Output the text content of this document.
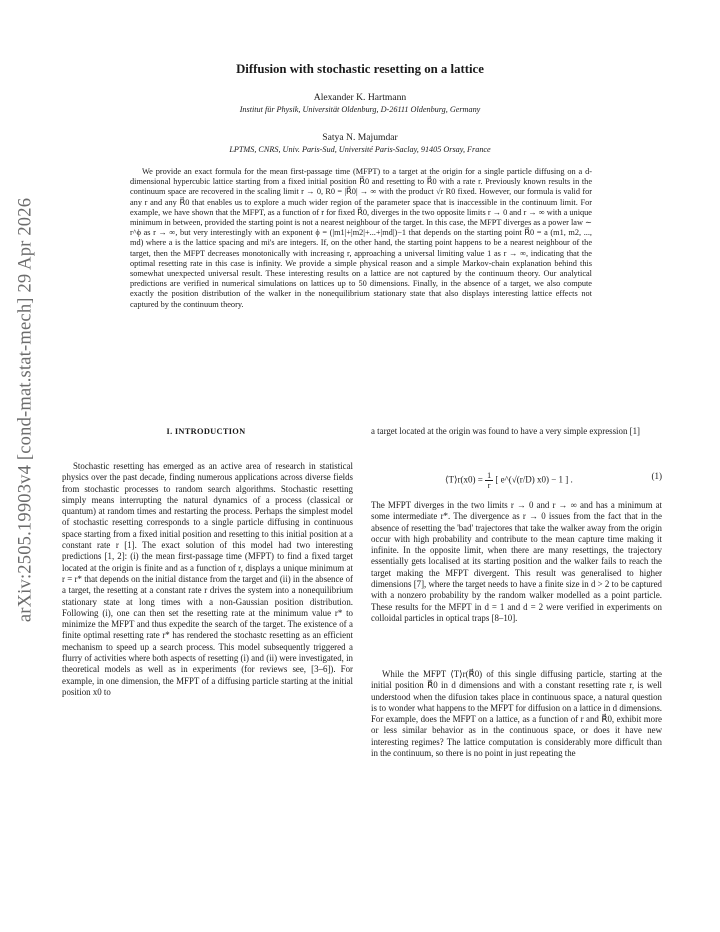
arXiv:2505.19903v4 [cond-mat.stat-mech] 29 Apr 2026
Diffusion with stochastic resetting on a lattice
Alexander K. Hartmann
Institut für Physik, Universität Oldenburg, D-26111 Oldenburg, Germany
Satya N. Majumdar
LPTMS, CNRS, Univ. Paris-Sud, Université Paris-Saclay, 91405 Orsay, France

We provide an exact formula for the mean first-passage time (MFPT) to a target at the origin for a single particle diffusing on a d-dimensional hypercubic lattice starting from a fixed initial position R⃗0 and resetting to R⃗0 with a rate r. Previously known results in the continuum space are recovered in the scaling limit r → 0, R0 = |R⃗0| → ∞ with the product √r R0 fixed. However, our formula is valid for any r and any R⃗0 that enables us to explore a much wider region of the parameter space that is inaccessible in the continuum limit. For example, we have shown that the MFPT, as a function of r for fixed R⃗0, diverges in the two opposite limits r → 0 and r → ∞ with a unique minimum in between, provided the starting point is not a nearest neighbour of the target. In this case, the MFPT diverges as a power law ∼ r^ϕ as r → ∞, but very interestingly with an exponent ϕ = (|m1|+|m2|+...+|md|)−1 that depends on the starting point R⃗0 = a (m1, m2, ..., md) where a is the lattice spacing and mi's are integers. If, on the other hand, the starting point happens to be a nearest neighbour of the target, then the MFPT decreases monotonically with increasing r, approaching a universal limiting value 1 as r → ∞, indicating that the optimal resetting rate in this case is infinity. We provide a simple physical reason and a simple Markov-chain explanation behind this somewhat unexpected universal result. These interesting results on a lattice are not captured by the continuum theory. Our analytical predictions are verified in numerical simulations on lattices up to 50 dimensions. Finally, in the absence of a target, we also compute exactly the position distribution of the walker in the nonequilibrium stationary state that also displays interesting lattice effects not captured by the continuum theory.

I. INTRODUCTION

Stochastic resetting has emerged as an active area of research in statistical physics over the past decade, finding numerous applications across diverse fields from stochastic processes to random search algorithms. Stochastic resetting simply means interrupting the natural dynamics of a process (classical or quantum) at random times and restarting the process. Perhaps the simplest model of stochastic resetting corresponds to a single particle diffusing in continuous space starting from a fixed initial position and resetting to this initial position at a constant rate r [1]. The exact solution of this model had two interesting predictions [1, 2]: (i) the mean first-passage time (MFPT) to find a fixed target located at the origin is finite and as a function of r, displays a unique minimum at r = r* that depends on the initial distance from the target and (ii) in the absence of a target, the resetting at a constant rate r drives the system into a nonequilibrium stationary state at long times with a non-Gaussian position distribution. Following (i), one can then set the resetting rate at the minimum value r* to minimize the MFPT and thus expedite the search of the target. The existence of a finite optimal resetting rate r* has rendered the stochastc resetting as an efficient mechanism to speed up a search process. This model subsequently triggered a flurry of activities where both aspects of resetting (i) and (ii) were investigated, in theoretical models as well as in experiments (for reviews see, [3–6]). For example, in one dimension, the MFPT of a diffusing particle starting at the initial position x0 to

a target located at the origin was found to have a very simple expression [1]

⟨T⟩r(x0) = $\frac{1}{r}$ [ e^(√(r/D) x0) − 1 ] .	(1)

The MFPT diverges in the two limits r → 0 and r → ∞ and has a minimum at some intermediate r*. The divergence as r → 0 issues from the fact that in the absence of resetting the 'bad' trajectores that take the walker away from the origin occur with high probability and contribute to the mean capture time making it infinite. In the opposite limit, when there are many resettings, the trajectory essentially gets localised at its starting position and the walker fails to reach the target making the MFPT divergent. This result was generalised to higher dimensions [7], where the target needs to have a finite size in d > 2 to be captured with a nonzero probability by the random walker modelled as a point particle. These results for the MFPT in d = 1 and d = 2 were verified in experiments on colloidal particles in optical traps [8–10].

While the MFPT ⟨T⟩r(R⃗0) of this single diffusing particle, starting at the initial position R⃗0 in d dimensions and with a constant resetting rate r, is well understood when the difusion takes place in continuous space, a natural question is to wonder what happens to the MFPT for diffusion on a lattice in d dimensions. For example, does the MFPT on a lattice, as a function of r and R⃗0, exhibit more or less similar behavior as in the continuous space, or does it have new interesting regimes? The lattice computation is considerably more difficult than in the continuum, so there is no point in just repeating the
